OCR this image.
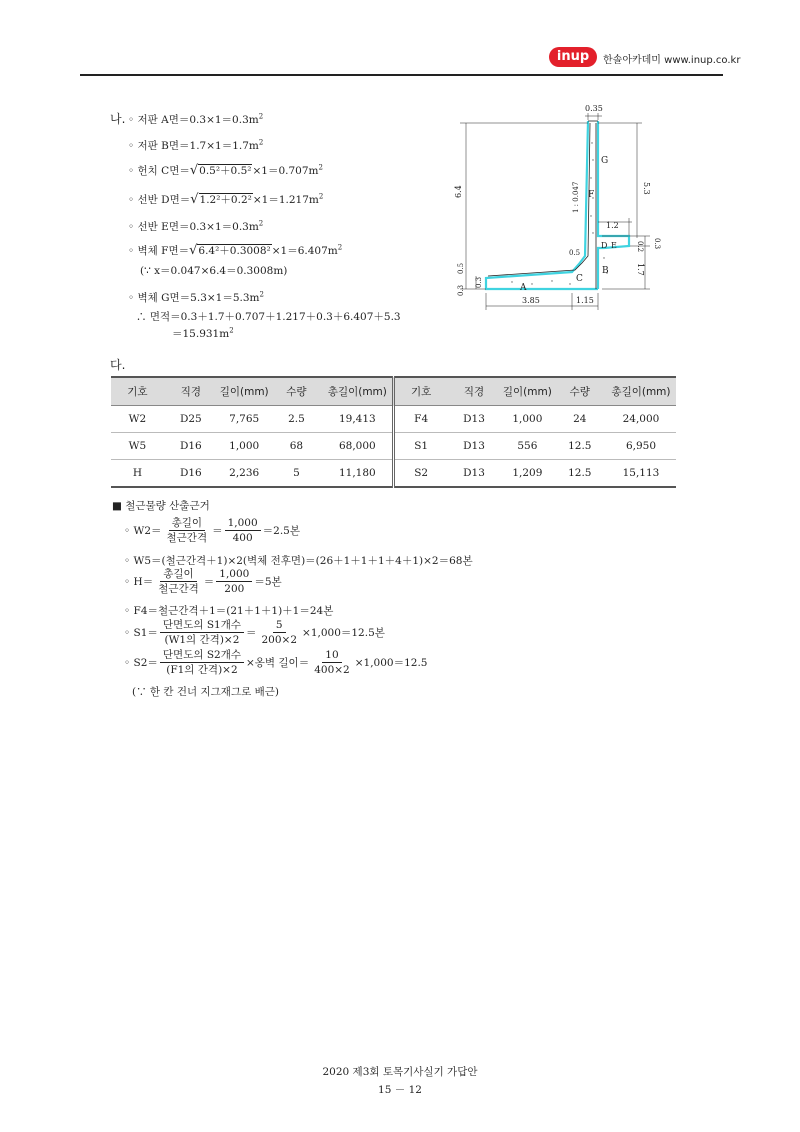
inup	한솔아카데미 www.inup.co.kr
나. ◦ 저판 A면$=0.3\times 1=0.3m^2$
◦ 저판 B면$=1.7\times 1=1.7m^2$
◦ 헌치 C면$=√0.5^2+0.5^2\times 1=0.707m^2$
◦ 선반 D면$=√1.2^2+0.2^2\times 1=1.217m^2$
◦ 선반 E면$=0.3\times 1=0.3m^2$
◦ 벽체 F면$=√6.4^2+0.3008^2\times 1=6.407m^2$
(∵ x＝0.047×6.4＝0.3008m)
◦ 벽체 G면$=5.3\times 1=5.3m^2$
∴ 면적＝0.3＋1.7＋0.707＋1.217＋0.3＋6.407＋5.3
$=15.931m^2$
0.35
6.4	5.3
1 : 0.047
1.2
0.3
0.2
0.5
1.7
0.3
0.5
0.3
3.85	1.15
G
F
D E
C
B
A
다.
기호	직경	길이(mm)	수량	총길이(mm)	기호	직경	길이(mm)	수량	총길이(mm)
W2	D25	7,765	2.5	19,413	F4	D13	1,000	24	24,000
W5	D16	1,000	68	68,000	S1	D13	556	12.5	6,950
H	D16	2,236	5	11,180	S2	D13	1,209	12.5	15,113
■ 철근물량 산출근거
◦ $W2= \frac{\text{총길이}}{\text{철근간격}} = \frac{1,000}{400} =2.5$본
◦ W5＝(철근간격＋1)×2(벽체 전후면)＝(26＋1＋1＋1＋4＋1)×2＝68본
◦ $H= \frac{\text{총길이}}{\text{철근간격}} = \frac{1,000}{200} =5$본
◦ F4＝철근간격＋1＝(21＋1＋1)＋1＝24본
◦ $S1= \frac{\text{단면도의 S1개수}}{\text{(W1의 간격)×2}} = \frac{5}{200\times 2} \times 1,000=12.5$본
◦ $S2= \frac{\text{단면도의 S2개수}}{\text{(F1의 간격)×2}}$ ×옹벽 길이＝ $\frac{10}{400\times 2} \times 1,000=12.5$
(∵ 한 칸 건너 지그재그로 배근)
2020 제3회 토목기사실기 가답안
15 － 12
